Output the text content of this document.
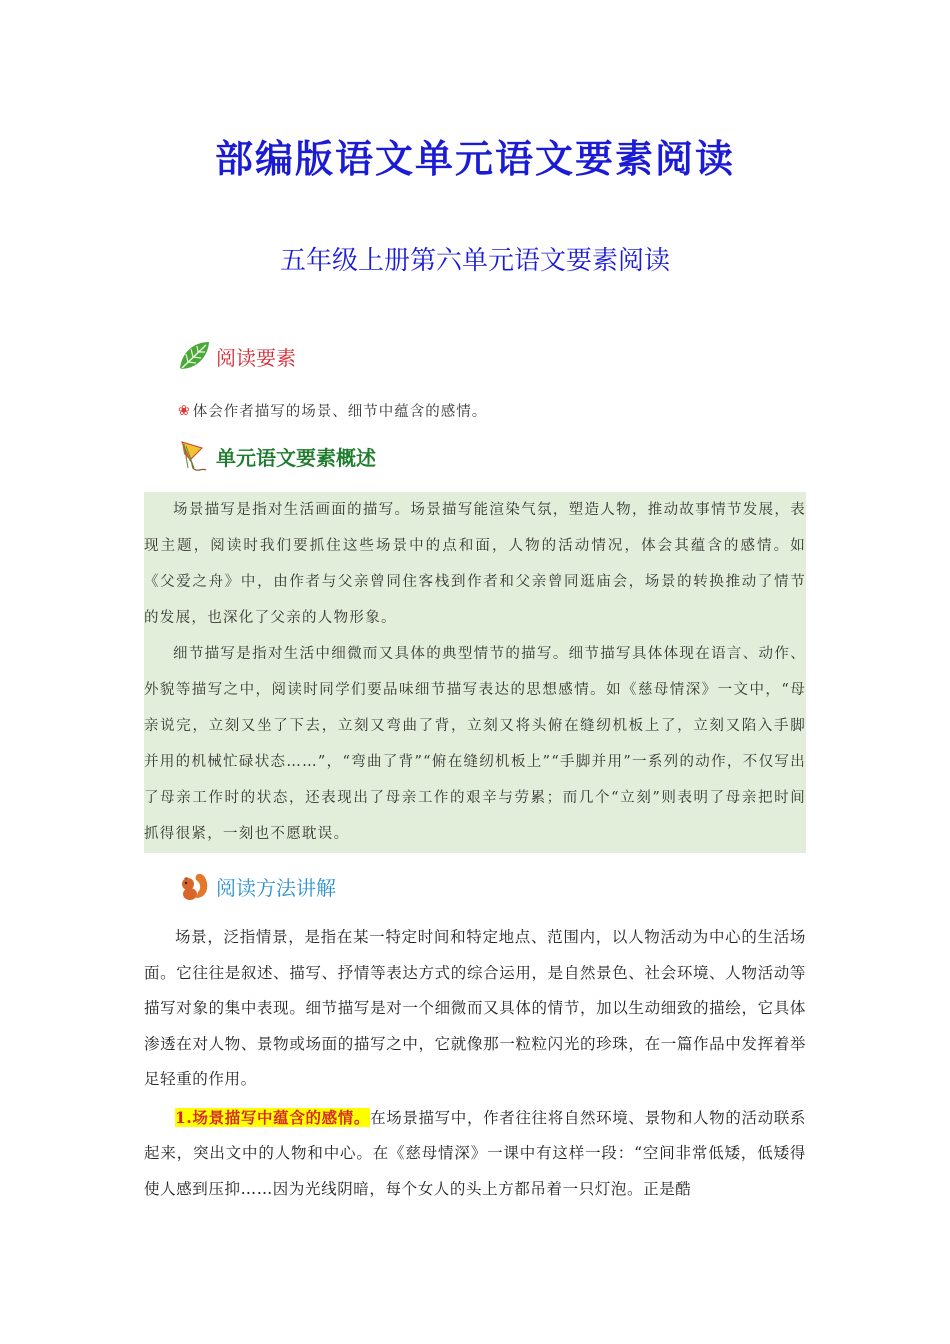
部编版语文单元语文要素阅读
五年级上册第六单元语文要素阅读
阅读要素
❀ 体会作者描写的场景、细节中蕴含的感情。
单元语文要素概述

场景描写是指对生活画面的描写。场景描写能渲染气氛，塑造人物，推动故事情节发展，表现主题，阅读时我们要抓住这些场景中的点和面，人物的活动情况，体会其蕴含的感情。如《父爱之舟》中，由作者与父亲曾同住客栈到作者和父亲曾同逛庙会，场景的转换推动了情节的发展，也深化了父亲的人物形象。

细节描写是指对生活中细微而又具体的典型情节的描写。细节描写具体体现在语言、动作、外貌等描写之中，阅读时同学们要品味细节描写表达的思想感情。如《慈母情深》一文中，“母亲说完，立刻又坐了下去，立刻又弯曲了背，立刻又将头俯在缝纫机板上了，立刻又陷入手脚并用的机械忙碌状态……”，“弯曲了背”“俯在缝纫机板上”“手脚并用”一系列的动作，不仅写出了母亲工作时的状态，还表现出了母亲工作的艰辛与劳累；而几个“立刻”则表明了母亲把时间抓得很紧，一刻也不愿耽误。

阅读方法讲解

场景，泛指情景，是指在某一特定时间和特定地点、范围内，以人物活动为中心的生活场面。它往往是叙述、描写、抒情等表达方式的综合运用，是自然景色、社会环境、人物活动等描写对象的集中表现。细节描写是对一个细微而又具体的情节，加以生动细致的描绘，它具体渗透在对人物、景物或场面的描写之中，它就像那一粒粒闪光的珍珠，在一篇作品中发挥着举足轻重的作用。

1.场景描写中蕴含的感情。在场景描写中，作者往往将自然环境、景物和人物的活动联系起来，突出文中的人物和中心。在《慈母情深》一课中有这样一段：“空间非常低矮，低矮得使人感到压抑……因为光线阴暗，每个女人的头上方都吊着一只灯泡。正是酷
